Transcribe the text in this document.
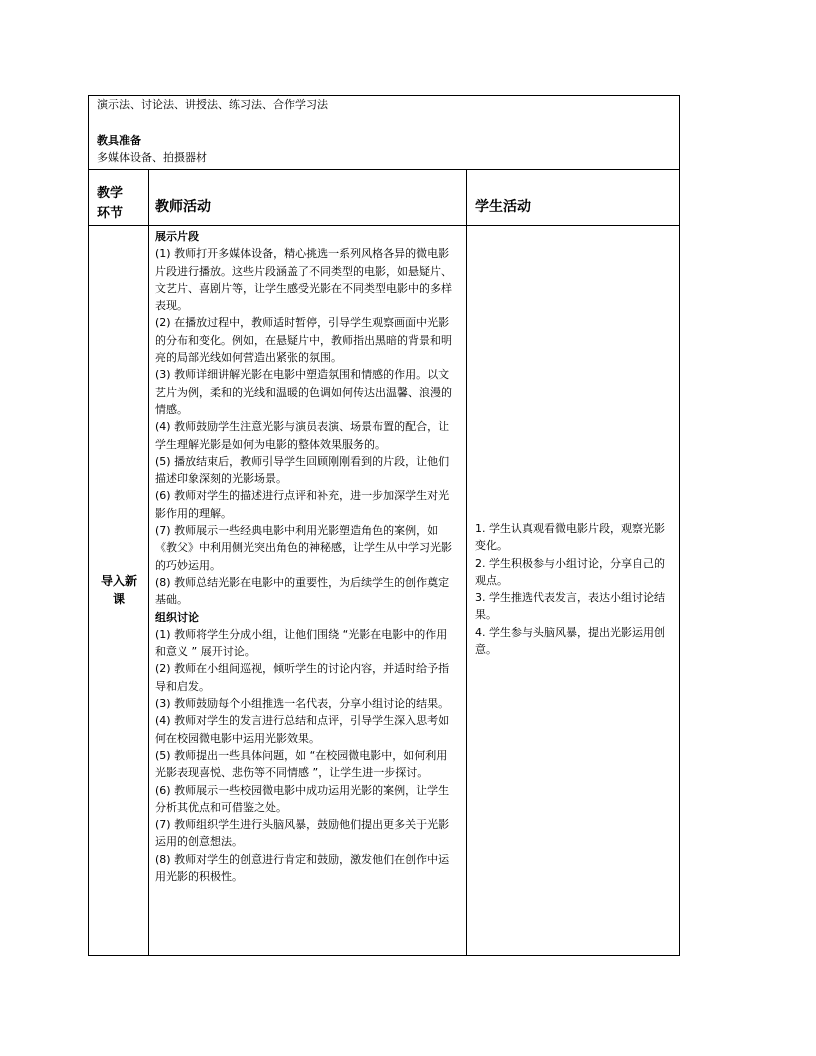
演示法、讨论法、讲授法、练习法、合作学习法
教具准备
多媒体设备、拍摄器材
教学
环节	教师活动	学生活动
导入新
课
展示片段

(1) 教师打开多媒体设备，精心挑选一系列风格各异的微电影片段进行播放。这些片段涵盖了不同类型的电影，如悬疑片、文艺片、喜剧片等，让学生感受光影在不同类型电影中的多样表现。

(2) 在播放过程中，教师适时暂停，引导学生观察画面中光影的分布和变化。例如，在悬疑片中，教师指出黑暗的背景和明亮的局部光线如何营造出紧张的氛围。

(3) 教师详细讲解光影在电影中塑造氛围和情感的作用。以文艺片为例，柔和的光线和温暖的色调如何传达出温馨、浪漫的情感。

(4) 教师鼓励学生注意光影与演员表演、场景布置的配合，让学生理解光影是如何为电影的整体效果服务的。

(5) 播放结束后，教师引导学生回顾刚刚看到的片段，让他们描述印象深刻的光影场景。

(6) 教师对学生的描述进行点评和补充，进一步加深学生对光影作用的理解。

(7) 教师展示一些经典电影中利用光影塑造角色的案例，如《教父》中利用侧光突出角色的神秘感，让学生从中学习光影的巧妙运用。

(8) 教师总结光影在电影中的重要性，为后续学生的创作奠定基础。

组织讨论

(1) 教师将学生分成小组，让他们围绕 “光影在电影中的作用和意义 ” 展开讨论。

(2) 教师在小组间巡视，倾听学生的讨论内容，并适时给予指导和启发。

(3) 教师鼓励每个小组推选一名代表，分享小组讨论的结果。

(4) 教师对学生的发言进行总结和点评，引导学生深入思考如何在校园微电影中运用光影效果。

(5) 教师提出一些具体问题，如 “在校园微电影中，如何利用光影表现喜悦、悲伤等不同情感 ”，让学生进一步探讨。

(6) 教师展示一些校园微电影中成功运用光影的案例，让学生分析其优点和可借鉴之处。

(7) 教师组织学生进行头脑风暴，鼓励他们提出更多关于光影运用的创意想法。

(8) 教师对学生的创意进行肯定和鼓励，激发他们在创作中运用光影的积极性。

1. 学生认真观看微电影片段，观察光影变化。

2. 学生积极参与小组讨论，分享自己的观点。

3. 学生推选代表发言，表达小组讨论结果。

4. 学生参与头脑风暴，提出光影运用创意。
